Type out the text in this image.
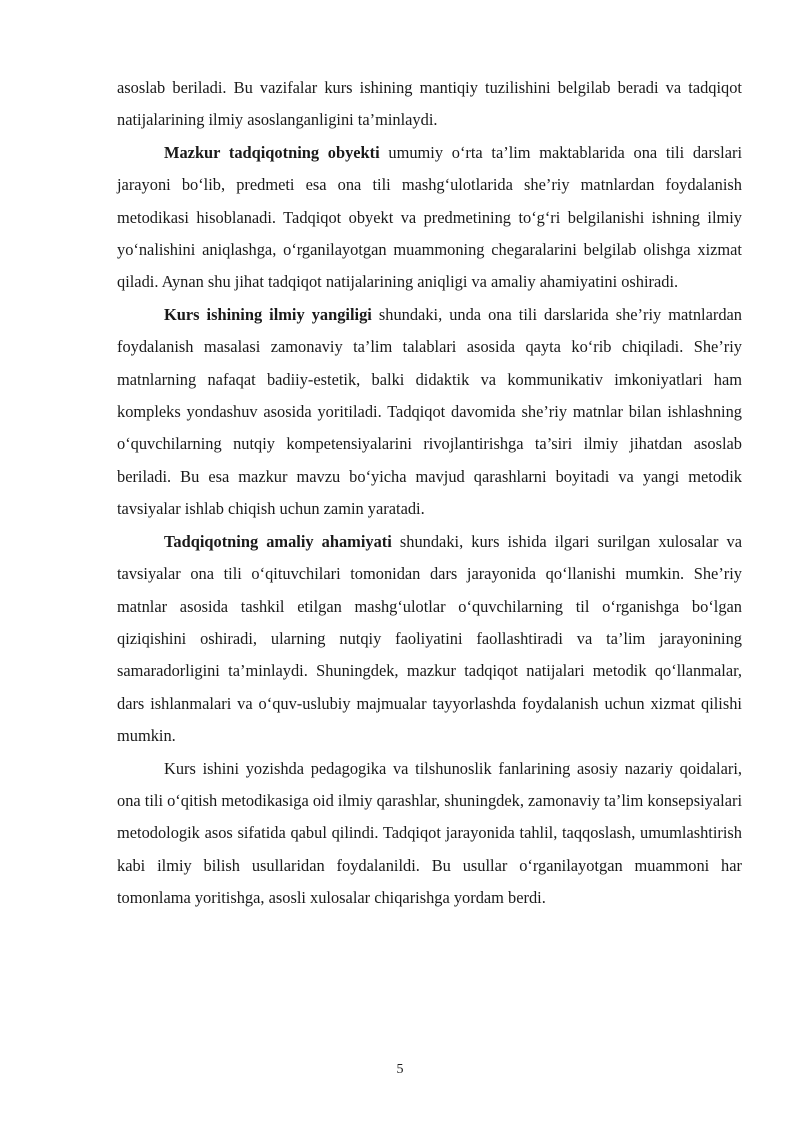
asoslab beriladi. Bu vazifalar kurs ishining mantiqiy tuzilishini belgilab beradi va tadqiqot natijalarining ilmiy asoslanganligini ta’minlaydi.

Mazkur tadqiqotning obyekti umumiy o‘rta ta’lim maktablarida ona tili darslari jarayoni bo‘lib, predmeti esa ona tili mashg‘ulotlarida she’riy matnlardan foydalanish metodikasi hisoblanadi. Tadqiqot obyekt va predmetining to‘g‘ri belgilanishi ishning ilmiy yo‘nalishini aniqlashga, o‘rganilayotgan muammoning chegaralarini belgilab olishga xizmat qiladi. Aynan shu jihat tadqiqot natijalarining aniqligi va amaliy ahamiyatini oshiradi.

Kurs ishining ilmiy yangiligi shundaki, unda ona tili darslarida she’riy matnlardan foydalanish masalasi zamonaviy ta’lim talablari asosida qayta ko‘rib chiqiladi. She’riy matnlarning nafaqat badiiy-estetik, balki didaktik va kommunikativ imkoniyatlari ham kompleks yondashuv asosida yoritiladi. Tadqiqot davomida she’riy matnlar bilan ishlashning o‘quvchilarning nutqiy kompetensiyalarini rivojlantirishga ta’siri ilmiy jihatdan asoslab beriladi. Bu esa mazkur mavzu bo‘yicha mavjud qarashlarni boyitadi va yangi metodik tavsiyalar ishlab chiqish uchun zamin yaratadi.

Tadqiqotning amaliy ahamiyati shundaki, kurs ishida ilgari surilgan xulosalar va tavsiyalar ona tili o‘qituvchilari tomonidan dars jarayonida qo‘llanishi mumkin. She’riy matnlar asosida tashkil etilgan mashg‘ulotlar o‘quvchilarning til o‘rganishga bo‘lgan qiziqishini oshiradi, ularning nutqiy faoliyatini faollashtiradi va ta’lim jarayonining samaradorligini ta’minlaydi. Shuningdek, mazkur tadqiqot natijalari metodik qo‘llanmalar, dars ishlanmalari va o‘quv-uslubiy majmualar tayyorlashda foydalanish uchun xizmat qilishi mumkin.

Kurs ishini yozishda pedagogika va tilshunoslik fanlarining asosiy nazariy qoidalari, ona tili o‘qitish metodikasiga oid ilmiy qarashlar, shuningdek, zamonaviy ta’lim konsepsiyalari metodologik asos sifatida qabul qilindi. Tadqiqot jarayonida tahlil, taqqoslash, umumlashtirish kabi ilmiy bilish usullaridan foydalanildi. Bu usullar o‘rganilayotgan muammoni har tomonlama yoritishga, asosli xulosalar chiqarishga yordam berdi.

5
